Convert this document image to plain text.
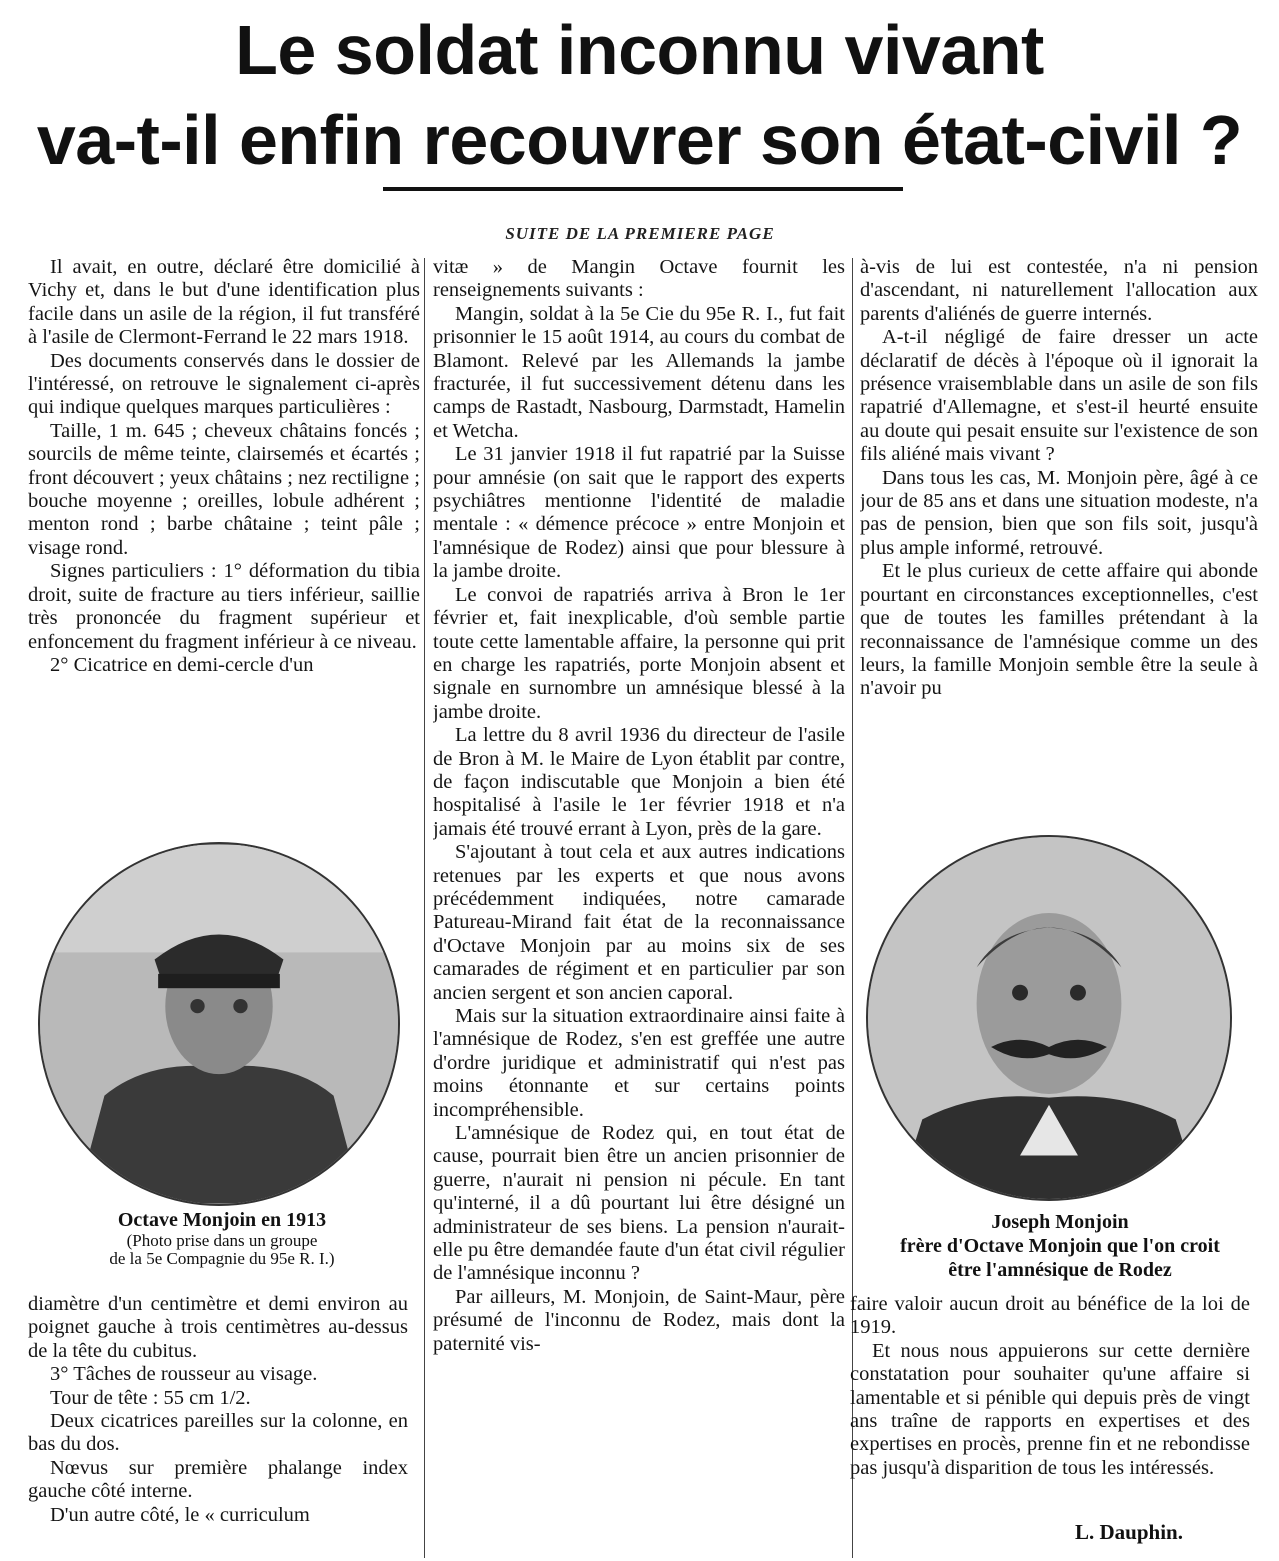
Le soldat inconnu vivant
va-t-il enfin recouvrer son état-civil ?
SUITE DE LA PREMIERE PAGE

Il avait, en outre, déclaré être domicilié à Vichy et, dans le but d'une identification plus facile dans un asile de la région, il fut transféré à l'asile de Clermont-Ferrand le 22 mars 1918.

Des documents conservés dans le dossier de l'intéressé, on retrouve le signalement ci-après qui indique quelques marques particulières :

Taille, 1 m. 645 ; cheveux châtains foncés ; sourcils de même teinte, clairsemés et écartés ; front découvert ; yeux châtains ; nez rectiligne ; bouche moyenne ; oreilles, lobule adhérent ; menton rond ; barbe châtaine ; teint pâle ; visage rond.

Signes particuliers : 1° déformation du tibia droit, suite de fracture au tiers inférieur, saillie très prononcée du fragment supérieur et enfoncement du fragment inférieur à ce niveau.

2° Cicatrice en demi-cercle d'un

Octave Monjoin en 1913
(Photo prise dans un groupe
de la 5e Compagnie du 95e R. I.)

diamètre d'un centimètre et demi environ au poignet gauche à trois centimètres au-dessus de la tête du cubitus.

3° Tâches de rousseur au visage.

Tour de tête : 55 cm 1/2.

Deux cicatrices pareilles sur la colonne, en bas du dos.

Nœvus sur première phalange index gauche côté interne.

D'un autre côté, le « curriculum

vitæ » de Mangin Octave fournit les renseignements suivants :

Mangin, soldat à la 5e Cie du 95e R. I., fut fait prisonnier le 15 août 1914, au cours du combat de Blamont. Relevé par les Allemands la jambe fracturée, il fut successivement détenu dans les camps de Rastadt, Nasbourg, Darmstadt, Hamelin et Wetcha.

Le 31 janvier 1918 il fut rapatrié par la Suisse pour amnésie (on sait que le rapport des experts psychiâtres mentionne l'identité de maladie mentale : « démence précoce » entre Monjoin et l'amnésique de Rodez) ainsi que pour blessure à la jambe droite.

Le convoi de rapatriés arriva à Bron le 1er février et, fait inexplicable, d'où semble partie toute cette lamentable affaire, la personne qui prit en charge les rapatriés, porte Monjoin absent et signale en surnombre un amnésique blessé à la jambe droite.

La lettre du 8 avril 1936 du directeur de l'asile de Bron à M. le Maire de Lyon établit par contre, de façon indiscutable que Monjoin a bien été hospitalisé à l'asile le 1er février 1918 et n'a jamais été trouvé errant à Lyon, près de la gare.

S'ajoutant à tout cela et aux autres indications retenues par les experts et que nous avons précédemment indiquées, notre camarade Patureau-Mirand fait état de la reconnaissance d'Octave Monjoin par au moins six de ses camarades de régiment et en particulier par son ancien sergent et son ancien caporal.

Mais sur la situation extraordinaire ainsi faite à l'amnésique de Rodez, s'en est greffée une autre d'ordre juridique et administratif qui n'est pas moins étonnante et sur certains points incompréhensible.

L'amnésique de Rodez qui, en tout état de cause, pourrait bien être un ancien prisonnier de guerre, n'aurait ni pension ni pécule. En tant qu'interné, il a dû pourtant lui être désigné un administrateur de ses biens. La pension n'aurait-elle pu être demandée faute d'un état civil régulier de l'amnésique inconnu ?

Par ailleurs, M. Monjoin, de Saint-Maur, père présumé de l'inconnu de Rodez, mais dont la paternité vis-

à-vis de lui est contestée, n'a ni pension d'ascendant, ni naturellement l'allocation aux parents d'aliénés de guerre internés.

A-t-il négligé de faire dresser un acte déclaratif de décès à l'époque où il ignorait la présence vraisemblable dans un asile de son fils rapatrié d'Allemagne, et s'est-il heurté ensuite au doute qui pesait ensuite sur l'existence de son fils aliéné mais vivant ?

Dans tous les cas, M. Monjoin père, âgé à ce jour de 85 ans et dans une situation modeste, n'a pas de pension, bien que son fils soit, jusqu'à plus ample informé, retrouvé.

Et le plus curieux de cette affaire qui abonde pourtant en circonstances exceptionnelles, c'est que de toutes les familles prétendant à la reconnaissance de l'amnésique comme un des leurs, la famille Monjoin semble être la seule à n'avoir pu

Joseph Monjoin
frère d'Octave Monjoin que l'on croit
être l'amnésique de Rodez

faire valoir aucun droit au bénéfice de la loi de 1919.

Et nous nous appuierons sur cette dernière constatation pour souhaiter qu'une affaire si lamentable et si pénible qui depuis près de vingt ans traîne de rapports en expertises et des expertises en procès, prenne fin et ne rebondisse pas jusqu'à disparition de tous les intéressés.

L. Dauphin.
